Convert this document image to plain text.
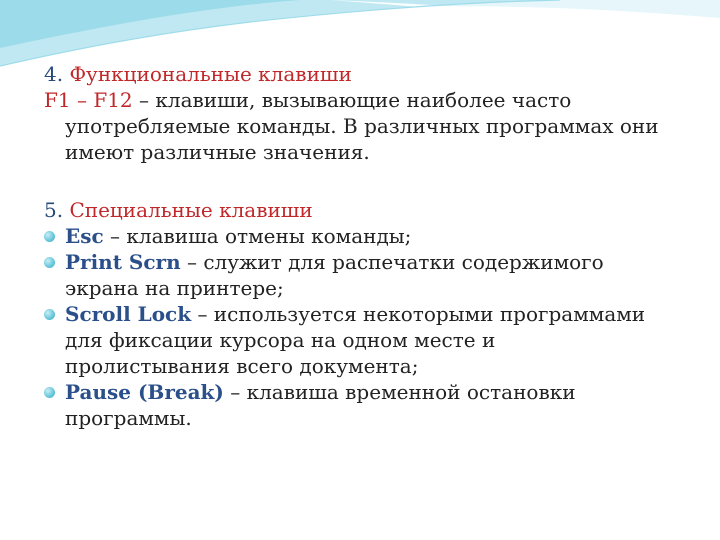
4. Функциональные клавиши
F1 – F12 – клавиши, вызывающие наиболее часто
употребляемые команды. В различных программах они
имеют различные значения.
5. Специальные клавиши
Esc – клавиша отмены команды;
Print Scrn – служит для распечатки содержимого
экрана на принтере;
Scroll Lock – используется некоторыми программами
для фиксации курсора на одном месте и
пролистывания всего документа;
Pause (Break) – клавиша временной остановки
программы.
